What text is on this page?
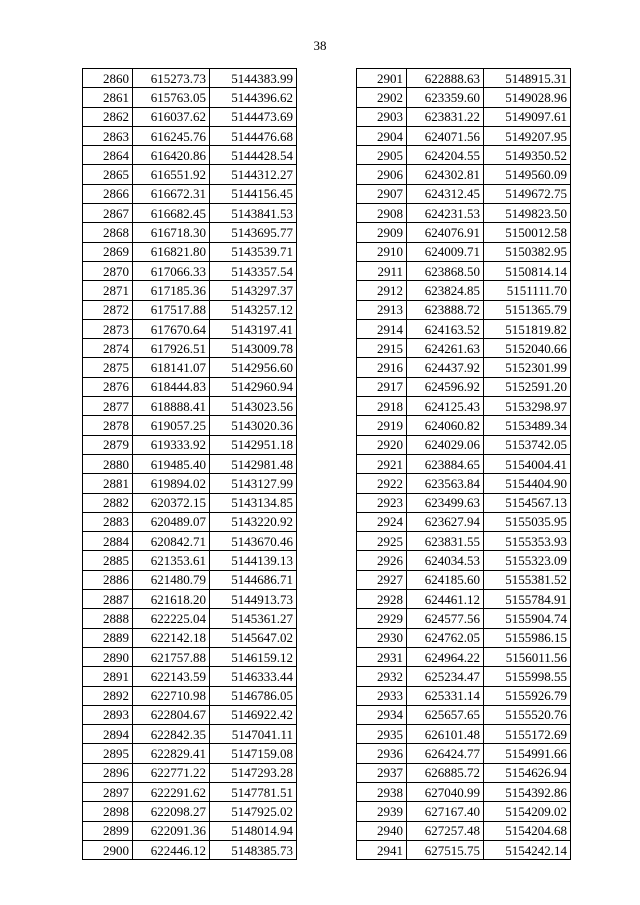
38
2860	615273.73	5144383.99
2861	615763.05	5144396.62
2862	616037.62	5144473.69
2863	616245.76	5144476.68
2864	616420.86	5144428.54
2865	616551.92	5144312.27
2866	616672.31	5144156.45
2867	616682.45	5143841.53
2868	616718.30	5143695.77
2869	616821.80	5143539.71
2870	617066.33	5143357.54
2871	617185.36	5143297.37
2872	617517.88	5143257.12
2873	617670.64	5143197.41
2874	617926.51	5143009.78
2875	618141.07	5142956.60
2876	618444.83	5142960.94
2877	618888.41	5143023.56
2878	619057.25	5143020.36
2879	619333.92	5142951.18
2880	619485.40	5142981.48
2881	619894.02	5143127.99
2882	620372.15	5143134.85
2883	620489.07	5143220.92
2884	620842.71	5143670.46
2885	621353.61	5144139.13
2886	621480.79	5144686.71
2887	621618.20	5144913.73
2888	622225.04	5145361.27
2889	622142.18	5145647.02
2890	621757.88	5146159.12
2891	622143.59	5146333.44
2892	622710.98	5146786.05
2893	622804.67	5146922.42
2894	622842.35	5147041.11
2895	622829.41	5147159.08
2896	622771.22	5147293.28
2897	622291.62	5147781.51
2898	622098.27	5147925.02
2899	622091.36	5148014.94
2900	622446.12	5148385.73
2901	622888.63	5148915.31
2902	623359.60	5149028.96
2903	623831.22	5149097.61
2904	624071.56	5149207.95
2905	624204.55	5149350.52
2906	624302.81	5149560.09
2907	624312.45	5149672.75
2908	624231.53	5149823.50
2909	624076.91	5150012.58
2910	624009.71	5150382.95
2911	623868.50	5150814.14
2912	623824.85	5151111.70
2913	623888.72	5151365.79
2914	624163.52	5151819.82
2915	624261.63	5152040.66
2916	624437.92	5152301.99
2917	624596.92	5152591.20
2918	624125.43	5153298.97
2919	624060.82	5153489.34
2920	624029.06	5153742.05
2921	623884.65	5154004.41
2922	623563.84	5154404.90
2923	623499.63	5154567.13
2924	623627.94	5155035.95
2925	623831.55	5155353.93
2926	624034.53	5155323.09
2927	624185.60	5155381.52
2928	624461.12	5155784.91
2929	624577.56	5155904.74
2930	624762.05	5155986.15
2931	624964.22	5156011.56
2932	625234.47	5155998.55
2933	625331.14	5155926.79
2934	625657.65	5155520.76
2935	626101.48	5155172.69
2936	626424.77	5154991.66
2937	626885.72	5154626.94
2938	627040.99	5154392.86
2939	627167.40	5154209.02
2940	627257.48	5154204.68
2941	627515.75	5154242.14
